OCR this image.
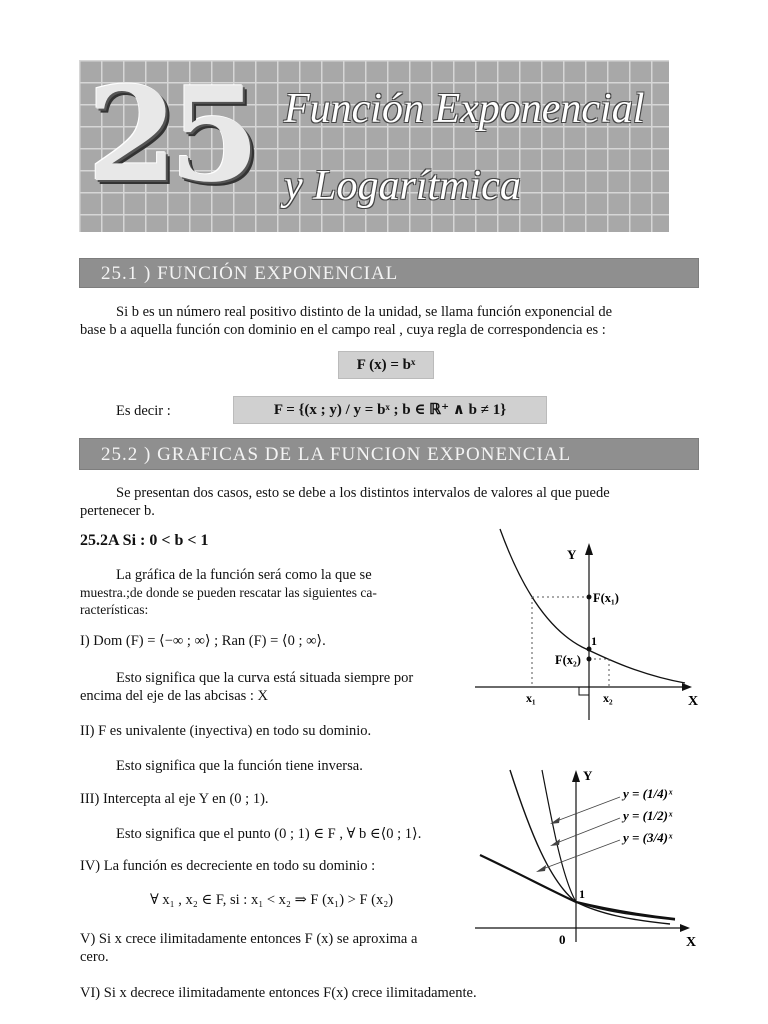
25 Función Exponencial
y Logarítmica
25.1 ) FUNCIÓN EXPONENCIAL
Si b es un número real positivo distinto de la unidad, se llama función exponencial de
base b a aquella función con dominio en el campo real , cuya regla de correspondencia es :
F (x) = bˣ
Es decir :	F = {(x ; y) / y = bˣ ; b ∈ ℝ⁺ ∧ b ≠ 1}
25.2 ) GRAFICAS DE LA FUNCION EXPONENCIAL
Se presentan dos casos, esto se debe a los distintos intervalos de valores al que puede
pertenecer b.
25.2A Si : 0 < b < 1
La gráfica de la función será como la que se
muestra.;de donde se pueden rescatar las siguientes ca-
racterísticas:
I) Dom (F) = ⟨−∞ ; ∞⟩ ; Ran (F) = ⟨0 ; ∞⟩.
Esto significa que la curva está situada siempre por
encima del eje de las abcisas : X
II) F es univalente (inyectiva) en todo su dominio.
Esto significa que la función tiene inversa.
III) Intercepta al eje Y en (0 ; 1).
Esto significa que el punto (0 ; 1) ∈ F , ∀ b ∈⟨0 ; 1⟩.
IV) La función es decreciente en todo su dominio :
∀ x₁ , x₂ ∈ F, si : x₁ < x₂ ⇒ F (x₁) > F (x₂)
V) Si x crece ilimitadamente entonces F (x) se aproxima a
cero.
VI) Si x decrece ilimitadamente entonces F(x) crece ilimitadamente.
Y
X
F(x₁)
F(x₂)
1
x₁	x₂
Y
X
0
1
y = (1/4)ˣ
y = (1/2)ˣ
y = (3/4)ˣ
